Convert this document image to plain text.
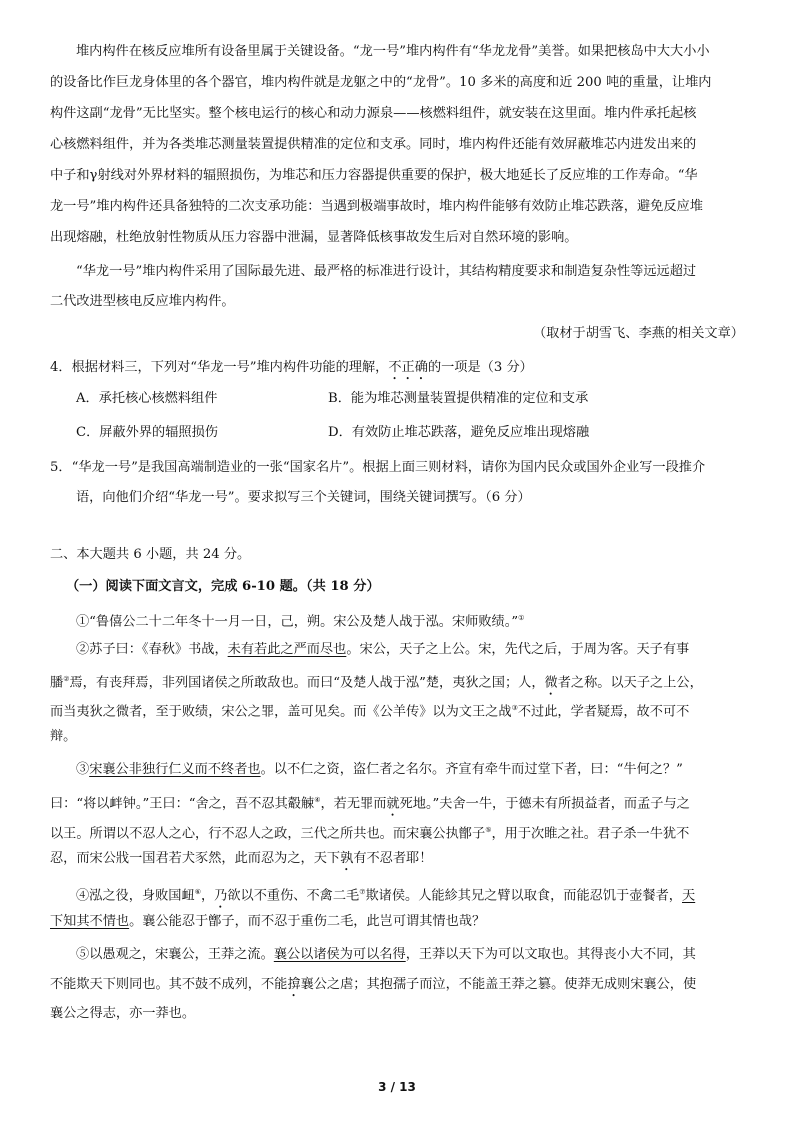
堆内构件在核反应堆所有设备里属于关键设备。“龙一号”堆内构件有“华龙龙骨”美誉。如果把核岛中大大小小
的设备比作巨龙身体里的各个器官，堆内构件就是龙躯之中的“龙骨”。10 多米的高度和近 200 吨的重量，让堆内
构件这副“龙骨”无比坚实。整个核电运行的核心和动力源泉——核燃料组件，就安装在这里面。堆内件承托起核
心核燃料组件，并为各类堆芯测量装置提供精准的定位和支承。同时，堆内构件还能有效屏蔽堆芯内进发出来的
中子和γ射线对外界材料的辐照损伤，为堆芯和压力容器提供重要的保护，极大地延长了反应堆的工作寿命。“华
龙一号”堆内构件还具备独特的二次支承功能：当遇到极端事故时，堆内构件能够有效防止堆芯跌落，避免反应堆
出现熔融，杜绝放射性物质从压力容器中泄漏，显著降低核事故发生后对自然环境的影响。
“华龙一号”堆内构件采用了国际最先进、最严格的标准进行设计，其结构精度要求和制造复杂性等远远超过
二代改进型核电反应堆内构件。
（取材于胡雪飞、李燕的相关文章）
4．根据材料三，下列对“华龙一号”堆内构件功能的理解，不正确的一项是（3 分）
A．承托核心核燃料组件	B．能为堆芯测量装置提供精准的定位和支承
C．屏蔽外界的辐照损伤	D．有效防止堆芯跌落，避免反应堆出现熔融
5．“华龙一号”是我国高端制造业的一张“国家名片”。根据上面三则材料，请你为国内民众或国外企业写一段推介
语，向他们介绍“华龙一号”。要求拟写三个关键词，围绕关键词撰写。（6 分）
二、本大题共 6 小题，共 24 分。
（一）阅读下面文言文，完成 6-10 题。（共 18 分）
①“鲁僖公二十二年冬十一月一日，己，朔。宋公及楚人战于泓。宋师败绩。”①
②苏子曰：《春秋》书战，未有若此之严而尽也。宋公，天子之上公。宋，先代之后，于周为客。天子有事
膰②焉，有丧拜焉，非列国诸侯之所敢敌也。而曰“及楚人战于泓”楚，夷狄之国；人，微者之称。以天子之上公，
而当夷狄之微者，至于败绩，宋公之罪，盖可见矣。而《公羊传》以为文王之战③不过此，学者疑焉，故不可不
辩。
③宋襄公非独行仁义而不终者也。以不仁之资，盗仁者之名尔。齐宣有牵牛而过堂下者，曰：“牛何之？”
曰：“将以衅钟。”王曰：“舍之，吾不忍其觳觫④，若无罪而就死地。”夫舍一牛，于德未有所损益者，而孟子与之
以王。所谓以不忍人之心，行不忍人之政，三代之所共也。而宋襄公执鄫子⑤，用于次睢之社。君子杀一牛犹不
忍，而宋公戕一国君若犬豕然，此而忍为之，天下孰有不忍者耶！
④泓之役，身败国衄⑥，乃欲以不重伤、不禽二毛⑦欺诸侯。人能紾其兄之臂以取食，而能忍饥于壶餐者，天
下知其不情也。襄公能忍于鄫子，而不忍于重伤二毛，此岂可谓其情也哉？
⑤以愚观之，宋襄公，王莽之流。襄公以诸侯为可以名得，王莽以天下为可以文取也。其得丧小大不同，其
不能欺天下则同也。其不鼓不成列，不能揜襄公之虐；其抱孺子而泣，不能盖王莽之篡。使莽无成则宋襄公，使
襄公之得志，亦一莽也。
3 / 13
